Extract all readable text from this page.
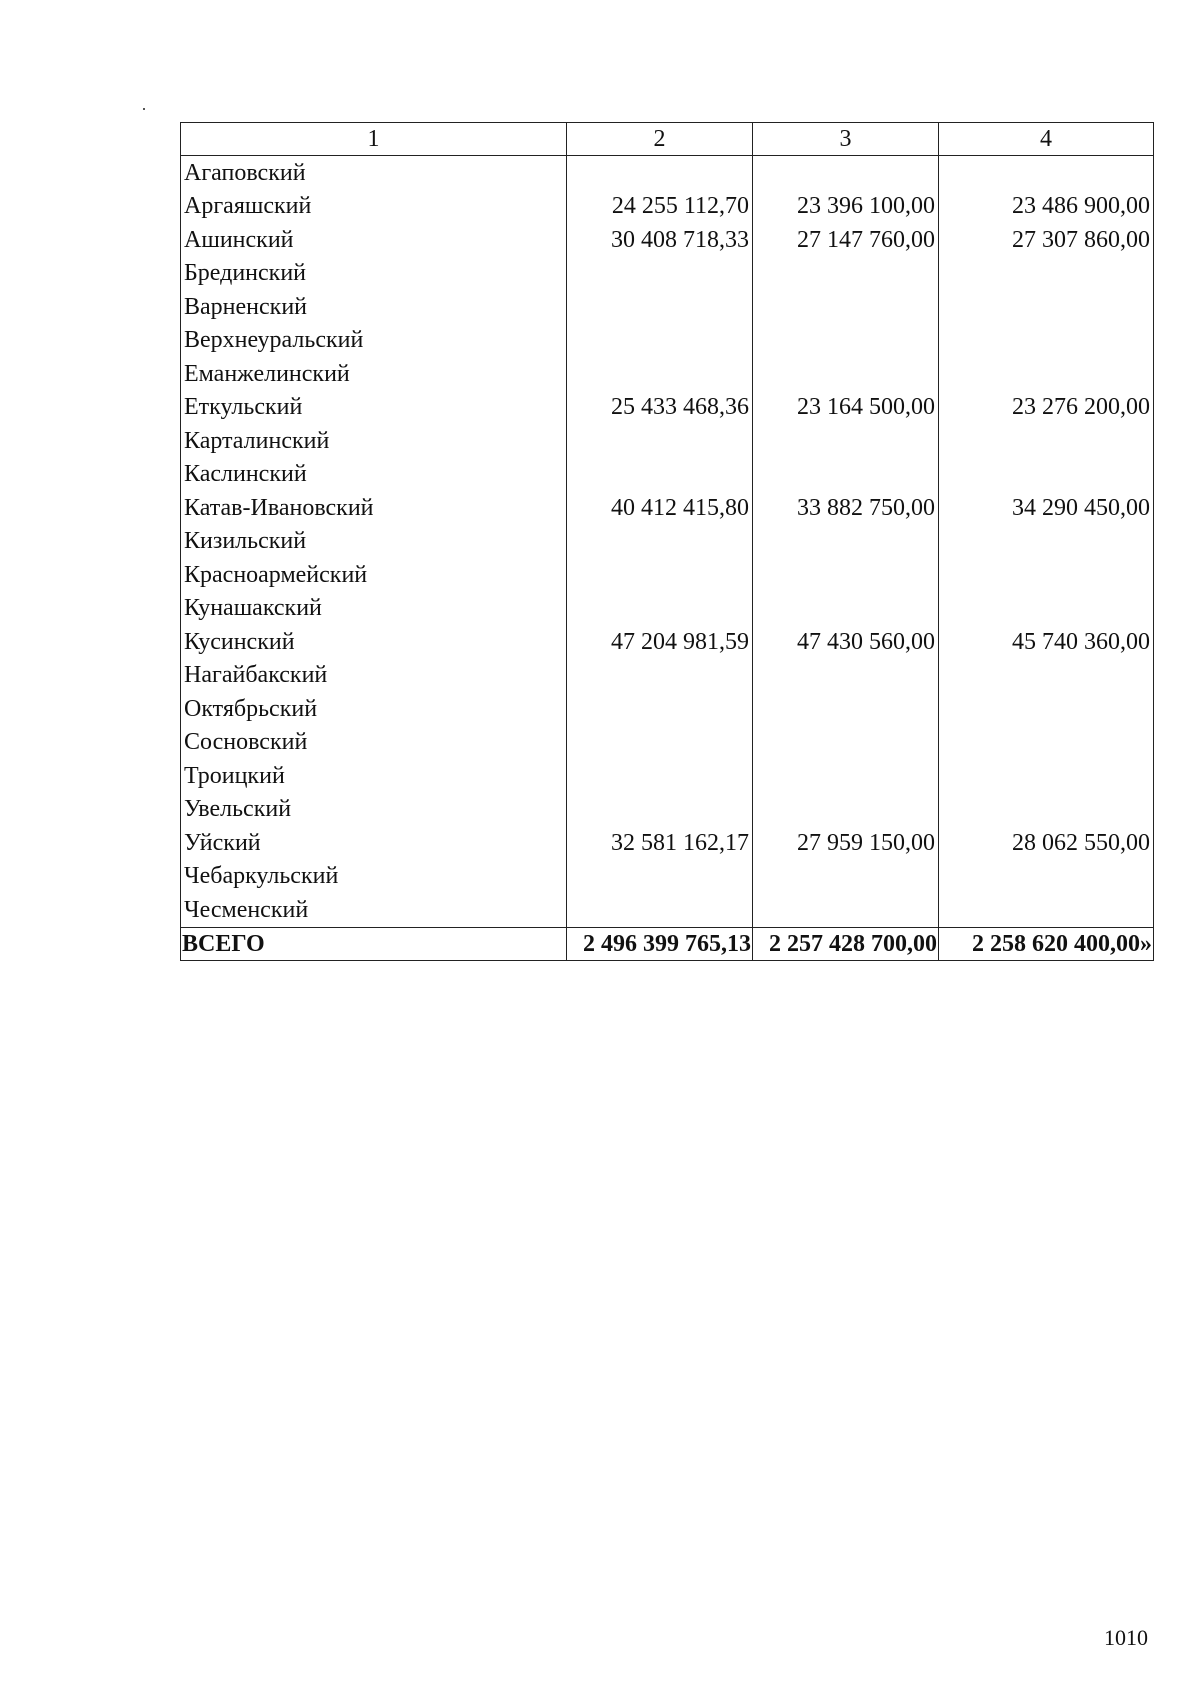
1	2	3	4
Агаповский			
Аргаяшский	24 255 112,70	23 396 100,00	23 486 900,00
Ашинский	30 408 718,33	27 147 760,00	27 307 860,00
Брединский			
Варненский			
Верхнеуральский			
Еманжелинский			
Еткульский	25 433 468,36	23 164 500,00	23 276 200,00
Карталинский			
Каслинский			
Катав-Ивановский	40 412 415,80	33 882 750,00	34 290 450,00
Кизильский			
Красноармейский			
Кунашакский			
Кусинский	47 204 981,59	47 430 560,00	45 740 360,00
Нагайбакский			
Октябрьский			
Сосновский			
Троицкий			
Увельский			
Уйский	32 581 162,17	27 959 150,00	28 062 550,00
Чебаркульский			
Чесменский			
ВСЕГО	2 496 399 765,13	2 257 428 700,00	2 258 620 400,00»
1010
